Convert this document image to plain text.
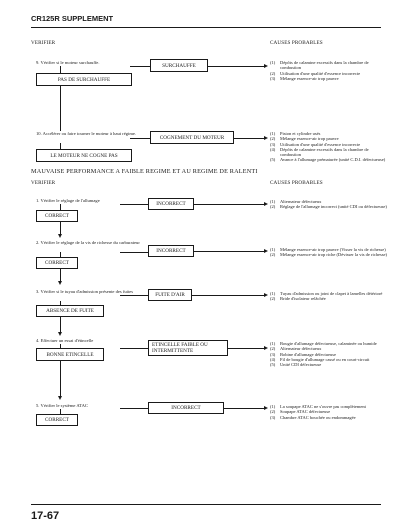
CR125R SUPPLEMENT
VERIFIER	CAUSES PROBABLES
9. Vérifier si le moteur surchauffe.
PAS DE SURCHAUFFE
SURCHAUFFE	(1)	Dépôts de calamine excessifs dans la chambre de combustion
(2)	Utilisation d'une qualité d'essence incorrecte
(3)	Mélange essence-air trop pauvre
10. Accélérer ou faire tourner le moteur à haut régime.
LE MOTEUR NE COGNE PAS
COGNEMENT DU MOTEUR
(1)	Piston et cylindre usés
(2)	Mélange essence-air trop pauvre
(3)	Utilisation d'une qualité d'essence incorrecte
(4)	Dépôts de calamine excessifs dans la chambre de combustion
(5)	Avance à l'allumage prématurée (unité C.D.I. défectueuse)
MAUVAISE PERFORMANCE A FAIBLE REGIME ET AU REGIME DE RALENTI
VERIFIER	CAUSES PROBABLES
1. Vérifier le réglage de l'allumage
CORRECT
INCORRECT	(1)	Alternateur défectueux
(2)	Réglage de l'allumage incorrect (unité CDI ou défectueuse)
2. Vérifier le réglage de la vis de richesse du carburateur
CORRECT
INCORRECT	(1)	Mélange essence-air trop pauvre (Visser la vis de richesse)
(2)	Mélange essence-air trop riche (Dévisser la vis de richesse)
3. Vérifier si le tuyau d'admission présente des fuites
ABSENCE DE FUITE
FUITE D'AIR	(1)	Tuyau d'admission ou joint de clapet à lamelles détérioré
(2)	Bride d'isolateur relâchée
4. Effectuer un essai d'étincelle
BONNE ETINCELLE
ETINCELLE FAIBLE OU INTERMITTENTE
(1)	Bougie d'allumage défectueuse, calaminée ou humide
(2)	Alternateur défectueux
(3)	Bobine d'allumage défectueuse
(4)	Fil de bougie d'allumage cassé ou en court-circuit
(5)	Unité CDI défectueuse
5. Vérifier le système ATAC
CORRECT
INCORRECT	(1)	La soupape ATAC ne s'ouvre pas complètement
(2)	Soupape ATAC défectueuse
(3)	Chambre ATAC bouchée ou endommagée
17-67
